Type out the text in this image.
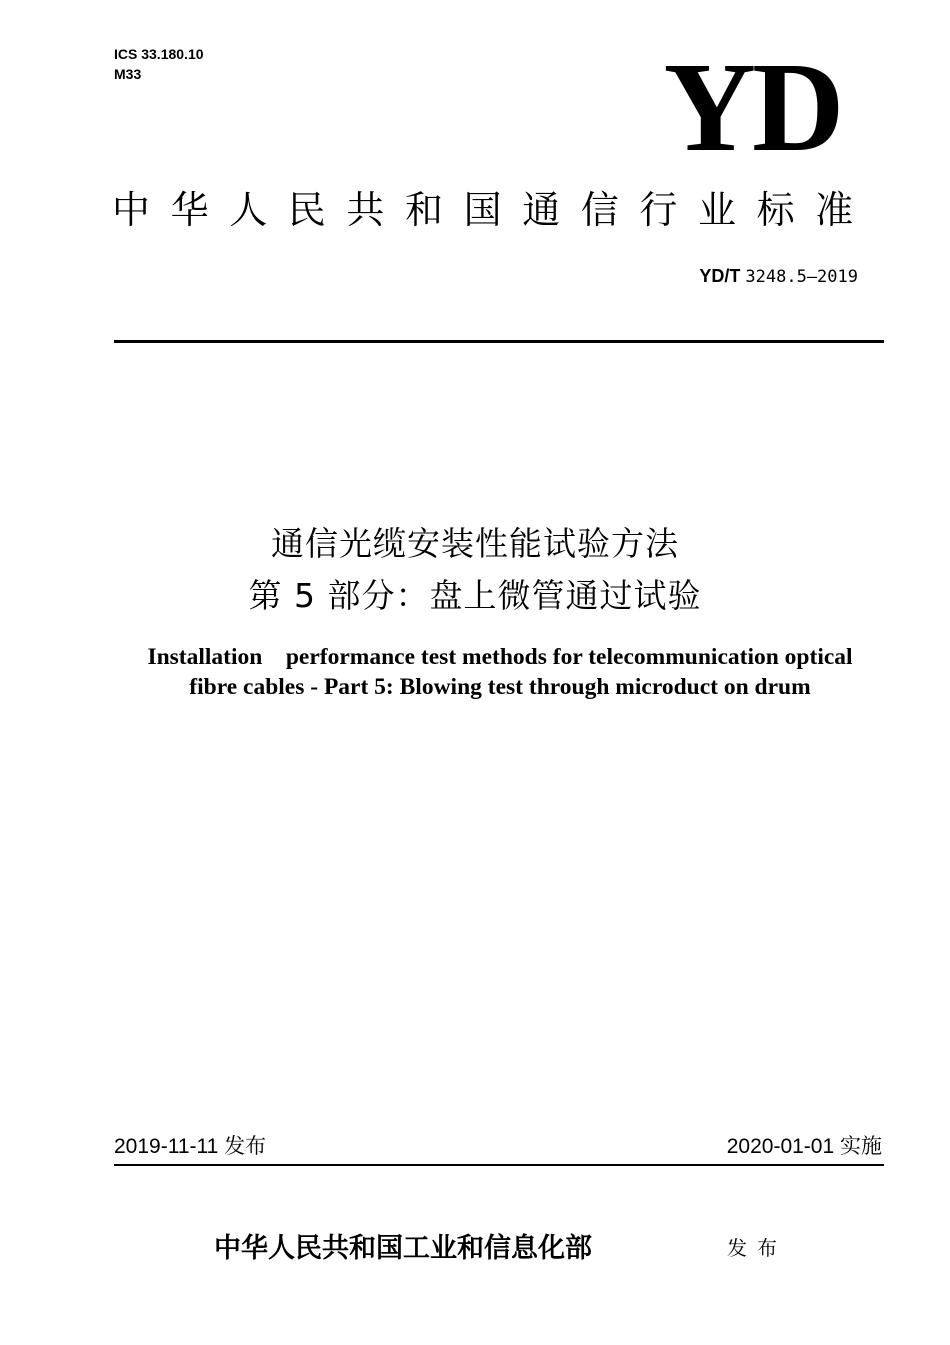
ICS 33.180.10
M33	YD
中华人民共和国通信行业标准
YD/T 3248.5—2019
通信光缆安装性能试验方法
第 5 部分：盘上微管通过试验
Installation　performance test methods for telecommunication optical
fibre cables - Part 5: Blowing test through microduct on drum
2019-11-11 发布	2020-01-01 实施
中华人民共和国工业和信息化部	发布
